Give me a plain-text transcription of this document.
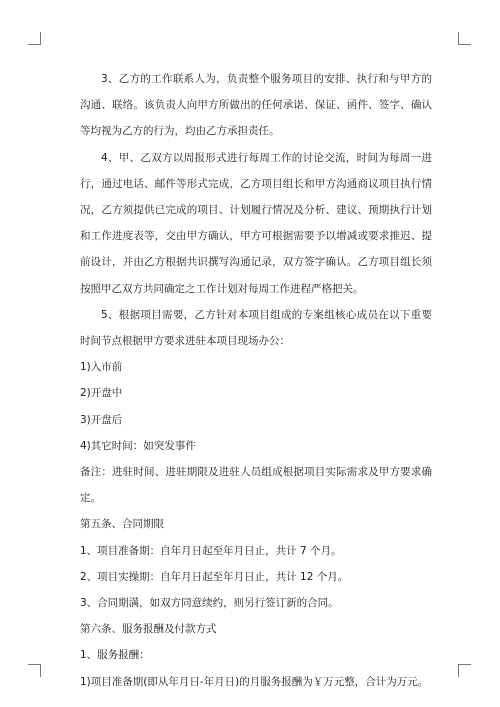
3、乙方的工作联系人为，负责整个服务项目的安排、执行和与甲方的沟通、联络。该负责人向甲方所做出的任何承诺、保证、函件、签字、确认等均视为乙方的行为，均由乙方承担责任。

4、甲、乙双方以周报形式进行每周工作的讨论交流，时间为每周一进行，通过电话、邮件等形式完成，乙方项目组长和甲方沟通商议项目执行情况，乙方须提供已完成的项目、计划履行情况及分析、建议、预期执行计划和工作进度表等，交由甲方确认，甲方可根据需要予以增减或要求推迟、提前设计，并由乙方根据共识撰写沟通记录，双方签字确认。乙方项目组长须按照甲乙双方共同确定之工作计划对每周工作进程严格把关。

5、根据项目需要，乙方针对本项目组成的专案组核心成员在以下重要时间节点根据甲方要求进驻本项目现场办公：

1)入市前

2)开盘中

3)开盘后

4)其它时间：如突发事件

备注：进驻时间、进驻期限及进驻人员组成根据项目实际需求及甲方要求确定。

第五条、合同期限

1、项目准备期：自年月日起至年月日止，共计 7 个月。

2、项目实操期：自年月日起至年月日止，共计 12 个月。

3、合同期满，如双方同意续约，则另行签订新的合同。

第六条、服务报酬及付款方式

1、服务报酬：

1)项目准备期(即从年月日-年月日)的月服务报酬为￥万元整，合计为万元。
